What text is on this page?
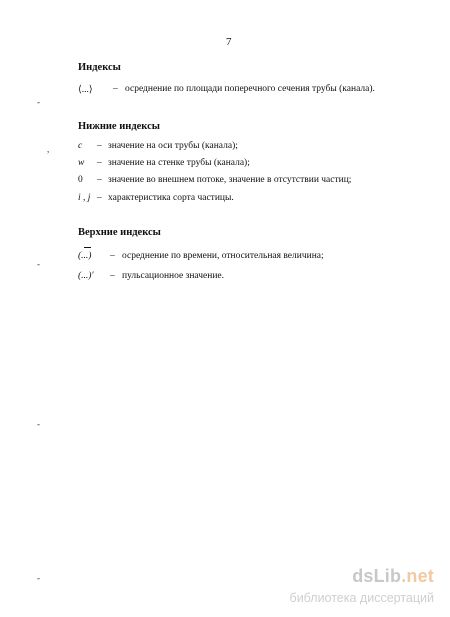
7
Индексы
⟨...⟩ – осреднение по площади поперечного сечения трубы (канала).
Нижние индексы
c – значение на оси трубы (канала);
w – значение на стенке трубы (канала);
0 – значение во внешнем потоке, значение в отсутствии частиц;
i , j – характеристика сорта частицы.
Верхние индексы
(...) – осреднение по времени, относительная величина;
(...)′ – пульсационное значение.
-
,
-
-
-	dsLib.net
библиотека диссертаций
